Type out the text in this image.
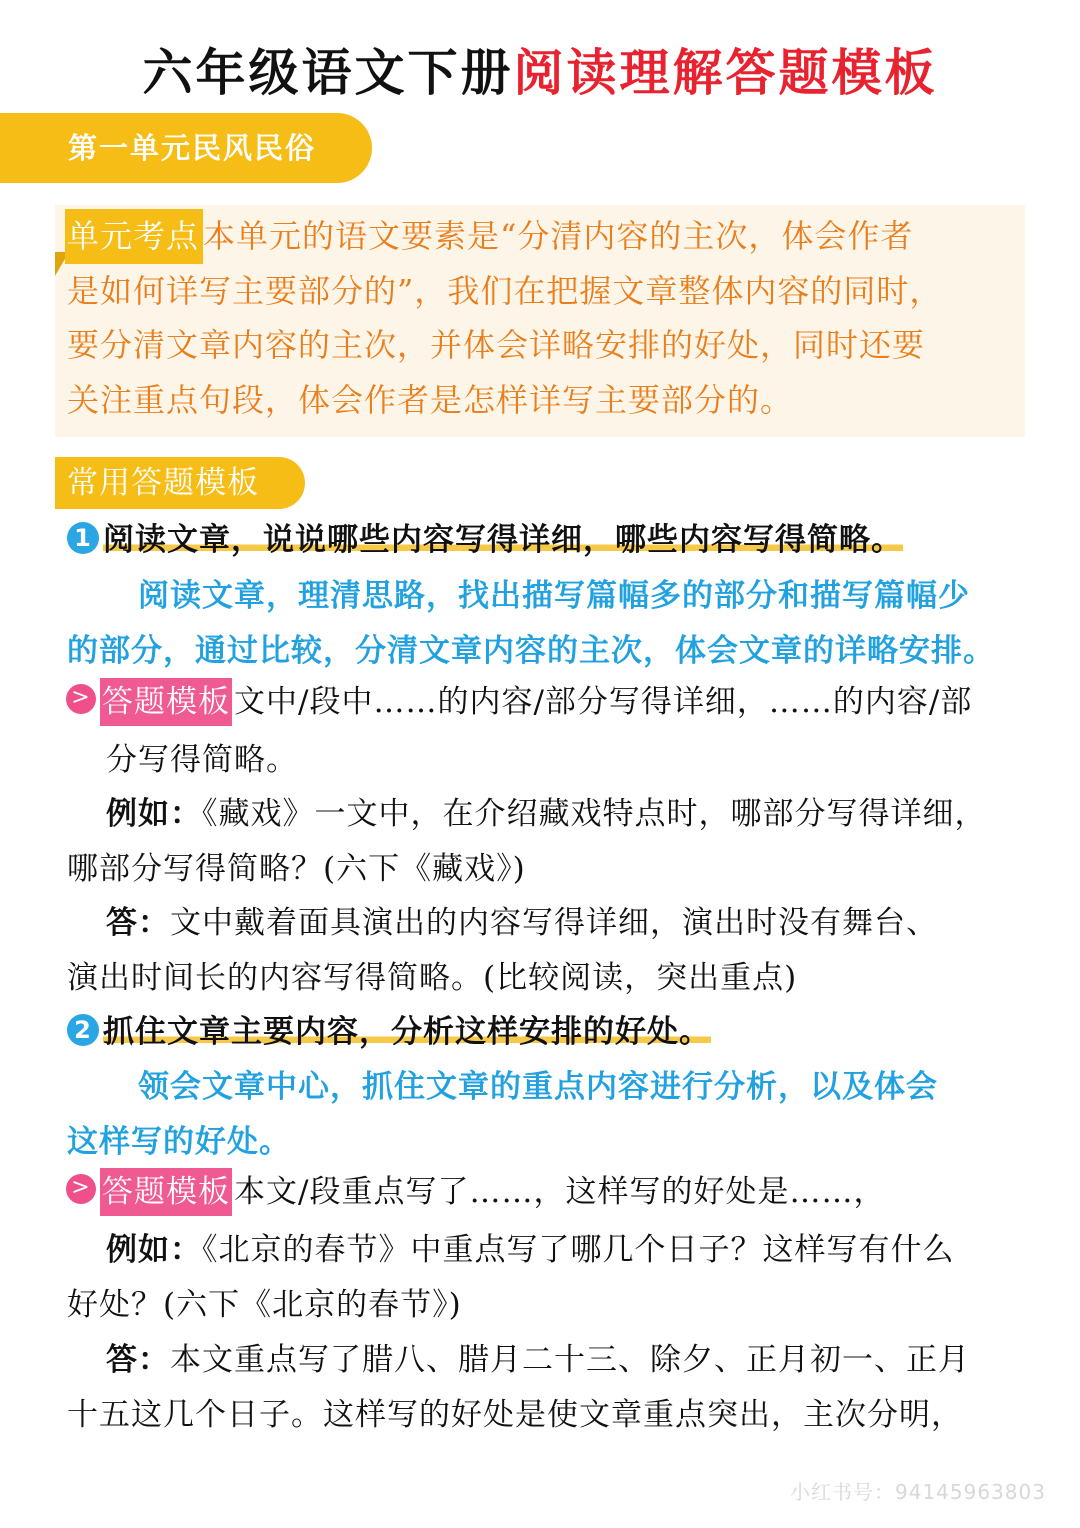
六年级语文下册阅读理解答题模板
第一单元民风民俗
单元考点 本单元的语文要素是“分清内容的主次，体会作者
是如何详写主要部分的”，我们在把握文章整体内容的同时，
要分清文章内容的主次，并体会详略安排的好处，同时还要
关注重点句段，体会作者是怎样详写主要部分的。
常用答题模板
1 阅读文章，说说哪些内容写得详细，哪些内容写得简略。
阅读文章，理清思路，找出描写篇幅多的部分和描写篇幅少
的部分，通过比较，分清文章内容的主次，体会文章的详略安排。
> 答题模板 文中/段中……的内容/部分写得详细，……的内容/部
分写得简略。
例如：《藏戏》一文中，在介绍藏戏特点时，哪部分写得详细，
哪部分写得简略？(六下《藏戏》)
答：文中戴着面具演出的内容写得详细，演出时没有舞台、
演出时间长的内容写得简略。(比较阅读，突出重点)
2 抓住文章主要内容，分析这样安排的好处。
领会文章中心，抓住文章的重点内容进行分析，以及体会
这样写的好处。
> 答题模板 本文/段重点写了……，这样写的好处是……，
例如：《北京的春节》中重点写了哪几个日子？这样写有什么
好处？(六下《北京的春节》)
答：本文重点写了腊八、腊月二十三、除夕、正月初一、正月
十五这几个日子。这样写的好处是使文章重点突出，主次分明，
小红书号：94145963803
